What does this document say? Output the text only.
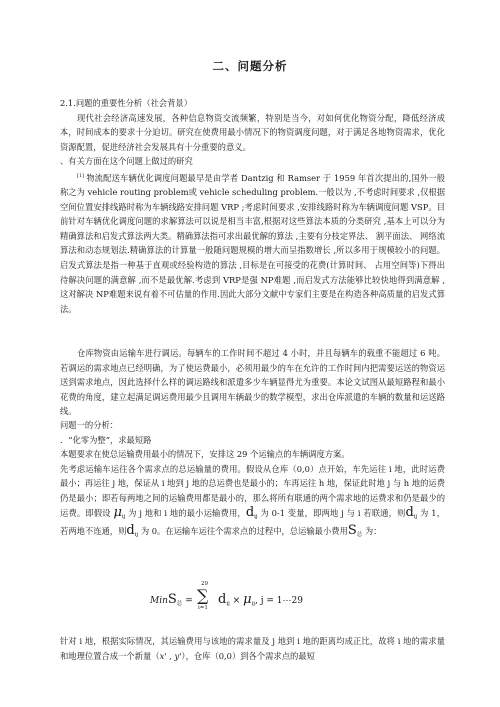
二、问题分析

2.1.问题的重要性分析（社会背景）

现代社会经济高速发展，各种信息物资交流频繁，特别是当今，对如何优化物资分配，降低经济成本，时间成本的要求十分迫切。研究在使费用最小情况下的物资调度问题，对于满足各地物资需求，优化资源配置，促进经济社会发展具有十分重要的意义。

、有关方面在这个问题上做过的研究

[1] 物流配送车辆优化调度问题最早是由学者 Dantzig 和 Ramser 于 1959 年首次提出的,国外一般称之为 vehicle routing problem或 vehicle scheduling problem.一般以为 ,不考虑时间要求 ,仅根据空间位置安排线路时称为车辆线路安排问题 VRP ;考虑时间要求 ,安排线路时称为车辆调度问题 VSP。目前针对车辆优化调度问题的求解算法可以说是相当丰富,根据对这些算法本质的分类研究 ,基本上可以分为精确算法和启发式算法两大类。精确算法指可求出最优解的算法 ,主要有分枝定界法、 割平面法、 网络流算法和动态规划法.精确算法的计算量一般随问题规模的增大而呈指数增长 ,所以多用于规模较小的问题。启发式算法是指一种基于直观或经验构造的算法 ,目标是在可接受的花费(计算时间、 占用空间等)下得出待解决问题的满意解 ,而不是最优解.考虑到 VRP是强 NP难题 ,而启发式方法能够比较快地得到满意解 ,这对解决 NP难题来说有着不可估量的作用.因此大部分文献中专家们主要是在构造各种高质量的启发式算法。

仓库物资由运输车进行调运。每辆车的工作时间不超过 4 小时，并且每辆车的载重不能超过 6 吨。若调运的需求地点已经明确，为了使运费最小，必须用最少的车在允许的工作时间内把需要运送的物资运送到需求地点，因此选择什么样的调运路线和派遣多少车辆显得尤为重要。本论文试图从最短路程和最小花费的角度，建立起满足调运费用最少且调用车辆最少的数学模型，求出仓库派遣的车辆的数量和运送路线。

问题一的分析：

．“化零为整”，求最短路

本题要求在使总运输费用最小的情况下，安排这 29 个运输点的车辆调度方案。

先考虑运输车运往各个需求点的总运输量的费用。假设从仓库（0,0）点开始，车先运往 i 地，此时运费最小；再运往 j 地，保证从 i 地到 j 地的总运费也是最小的；车再运往 h 地，保证此时地 j 与 h 地的运费仍是最小；即若每两地之间的运输费用都是最小的，那么将所有联通的两个需求地的运费求和仍是最少的运费。即假设 $\mu_{ij}$ 为 j 地和 i 地的最小运输费用，$d_{ij}$ 为 0-1 变量，即两地 j 与 i 若联通，则$d_{ij}$ 为 1，若两地不连通，则$d_{ij}$ 为 0。在运输车运往个需求点的过程中，总运输最小费用$S_总$ 为：

MinS$_总$ =
29
∑
i=1
$d_{ij} \times \mu_{ij}$, j = 1⋯29

针对 i 地，根据实际情况，其运输费用与该地的需求量及 j 地到 i 地的距离均成正比，故将 i 地的需求量和地理位置合成一个新量（x' , y'），仓库（0,0）到各个需求点的最短
